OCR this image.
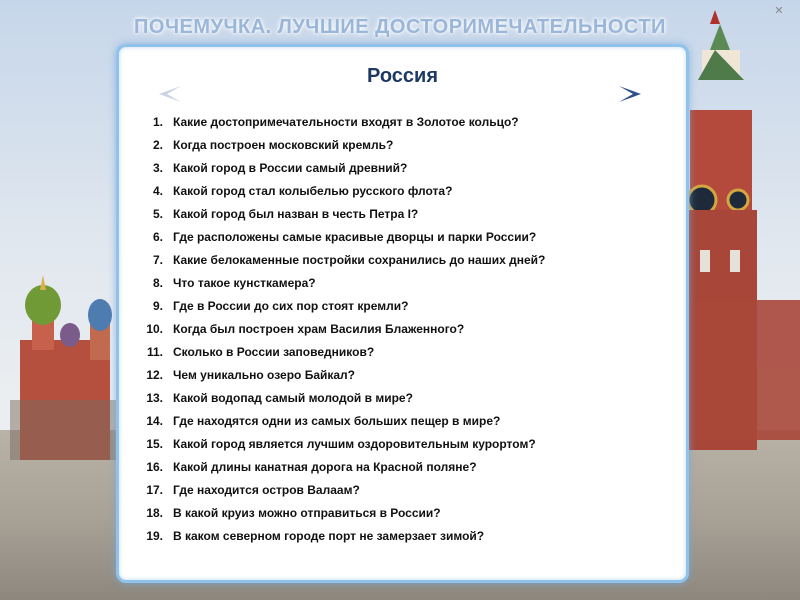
✕
ПОЧЕМУЧКА. ЛУЧШИЕ ДОСТОРИМЕЧАТЕЛЬНОСТИ
Россия
1. Какие достопримечательности входят в Золотое кольцо?
2. Когда построен московский кремль?
3. Какой город в России самый древний?
4. Какой город стал колыбелью русского флота?
5. Какой город был назван в честь Петра I?
6. Где расположены самые красивые дворцы и парки России?
7. Какие белокаменные постройки сохранились до наших дней?
8. Что такое кунсткамера?
9. Где в России до сих пор стоят кремли?
10. Когда был построен храм Василия Блаженного?
11. Сколько в России заповедников?
12. Чем уникально озеро Байкал?
13. Какой водопад самый молодой в мире?
14. Где находятся одни из самых больших пещер в мире?
15. Какой город является лучшим оздоровительным курортом?
16. Какой длины канатная дорога на Красной поляне?
17. Где находится остров Валаам?
18. В какой круиз можно отправиться в России?
19. В каком северном городе порт не замерзает зимой?
